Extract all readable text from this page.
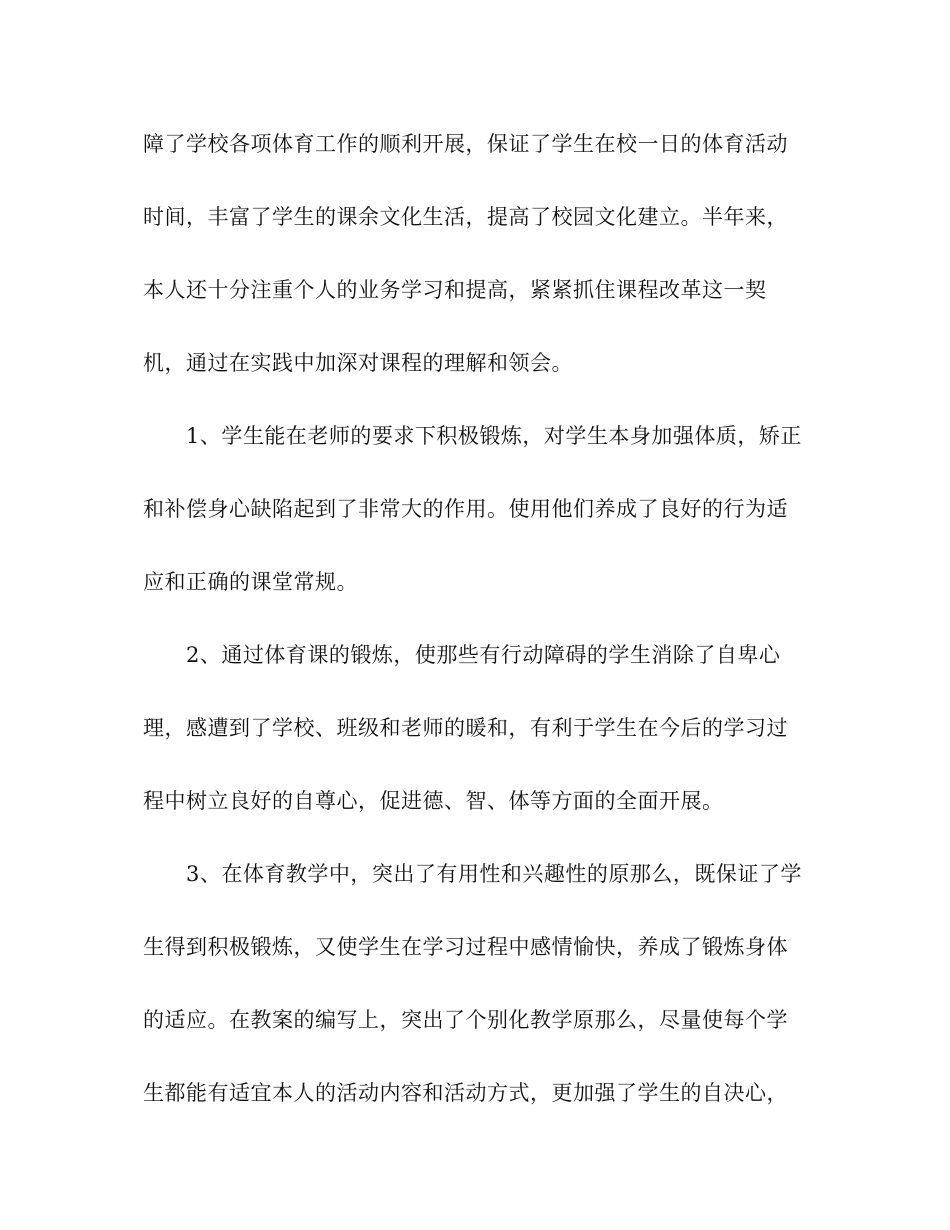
障了学校各项体育工作的顺利开展，保证了学生在校一日的体育活动
时间，丰富了学生的课余文化生活，提高了校园文化建立。半年来，
本人还十分注重个人的业务学习和提高，紧紧抓住课程改革这一契
机，通过在实践中加深对课程的理解和领会。
1、学生能在老师的要求下积极锻炼，对学生本身加强体质，矫正
和补偿身心缺陷起到了非常大的作用。使用他们养成了良好的行为适
应和正确的课堂常规。
2、通过体育课的锻炼，使那些有行动障碍的学生消除了自卑心
理，感遭到了学校、班级和老师的暖和，有利于学生在今后的学习过
程中树立良好的自尊心，促进德、智、体等方面的全面开展。
3、在体育教学中，突出了有用性和兴趣性的原那么，既保证了学
生得到积极锻炼，又使学生在学习过程中感情愉快，养成了锻炼身体
的适应。在教案的编写上，突出了个别化教学原那么，尽量使每个学
生都能有适宜本人的活动内容和活动方式，更加强了学生的自决心，
